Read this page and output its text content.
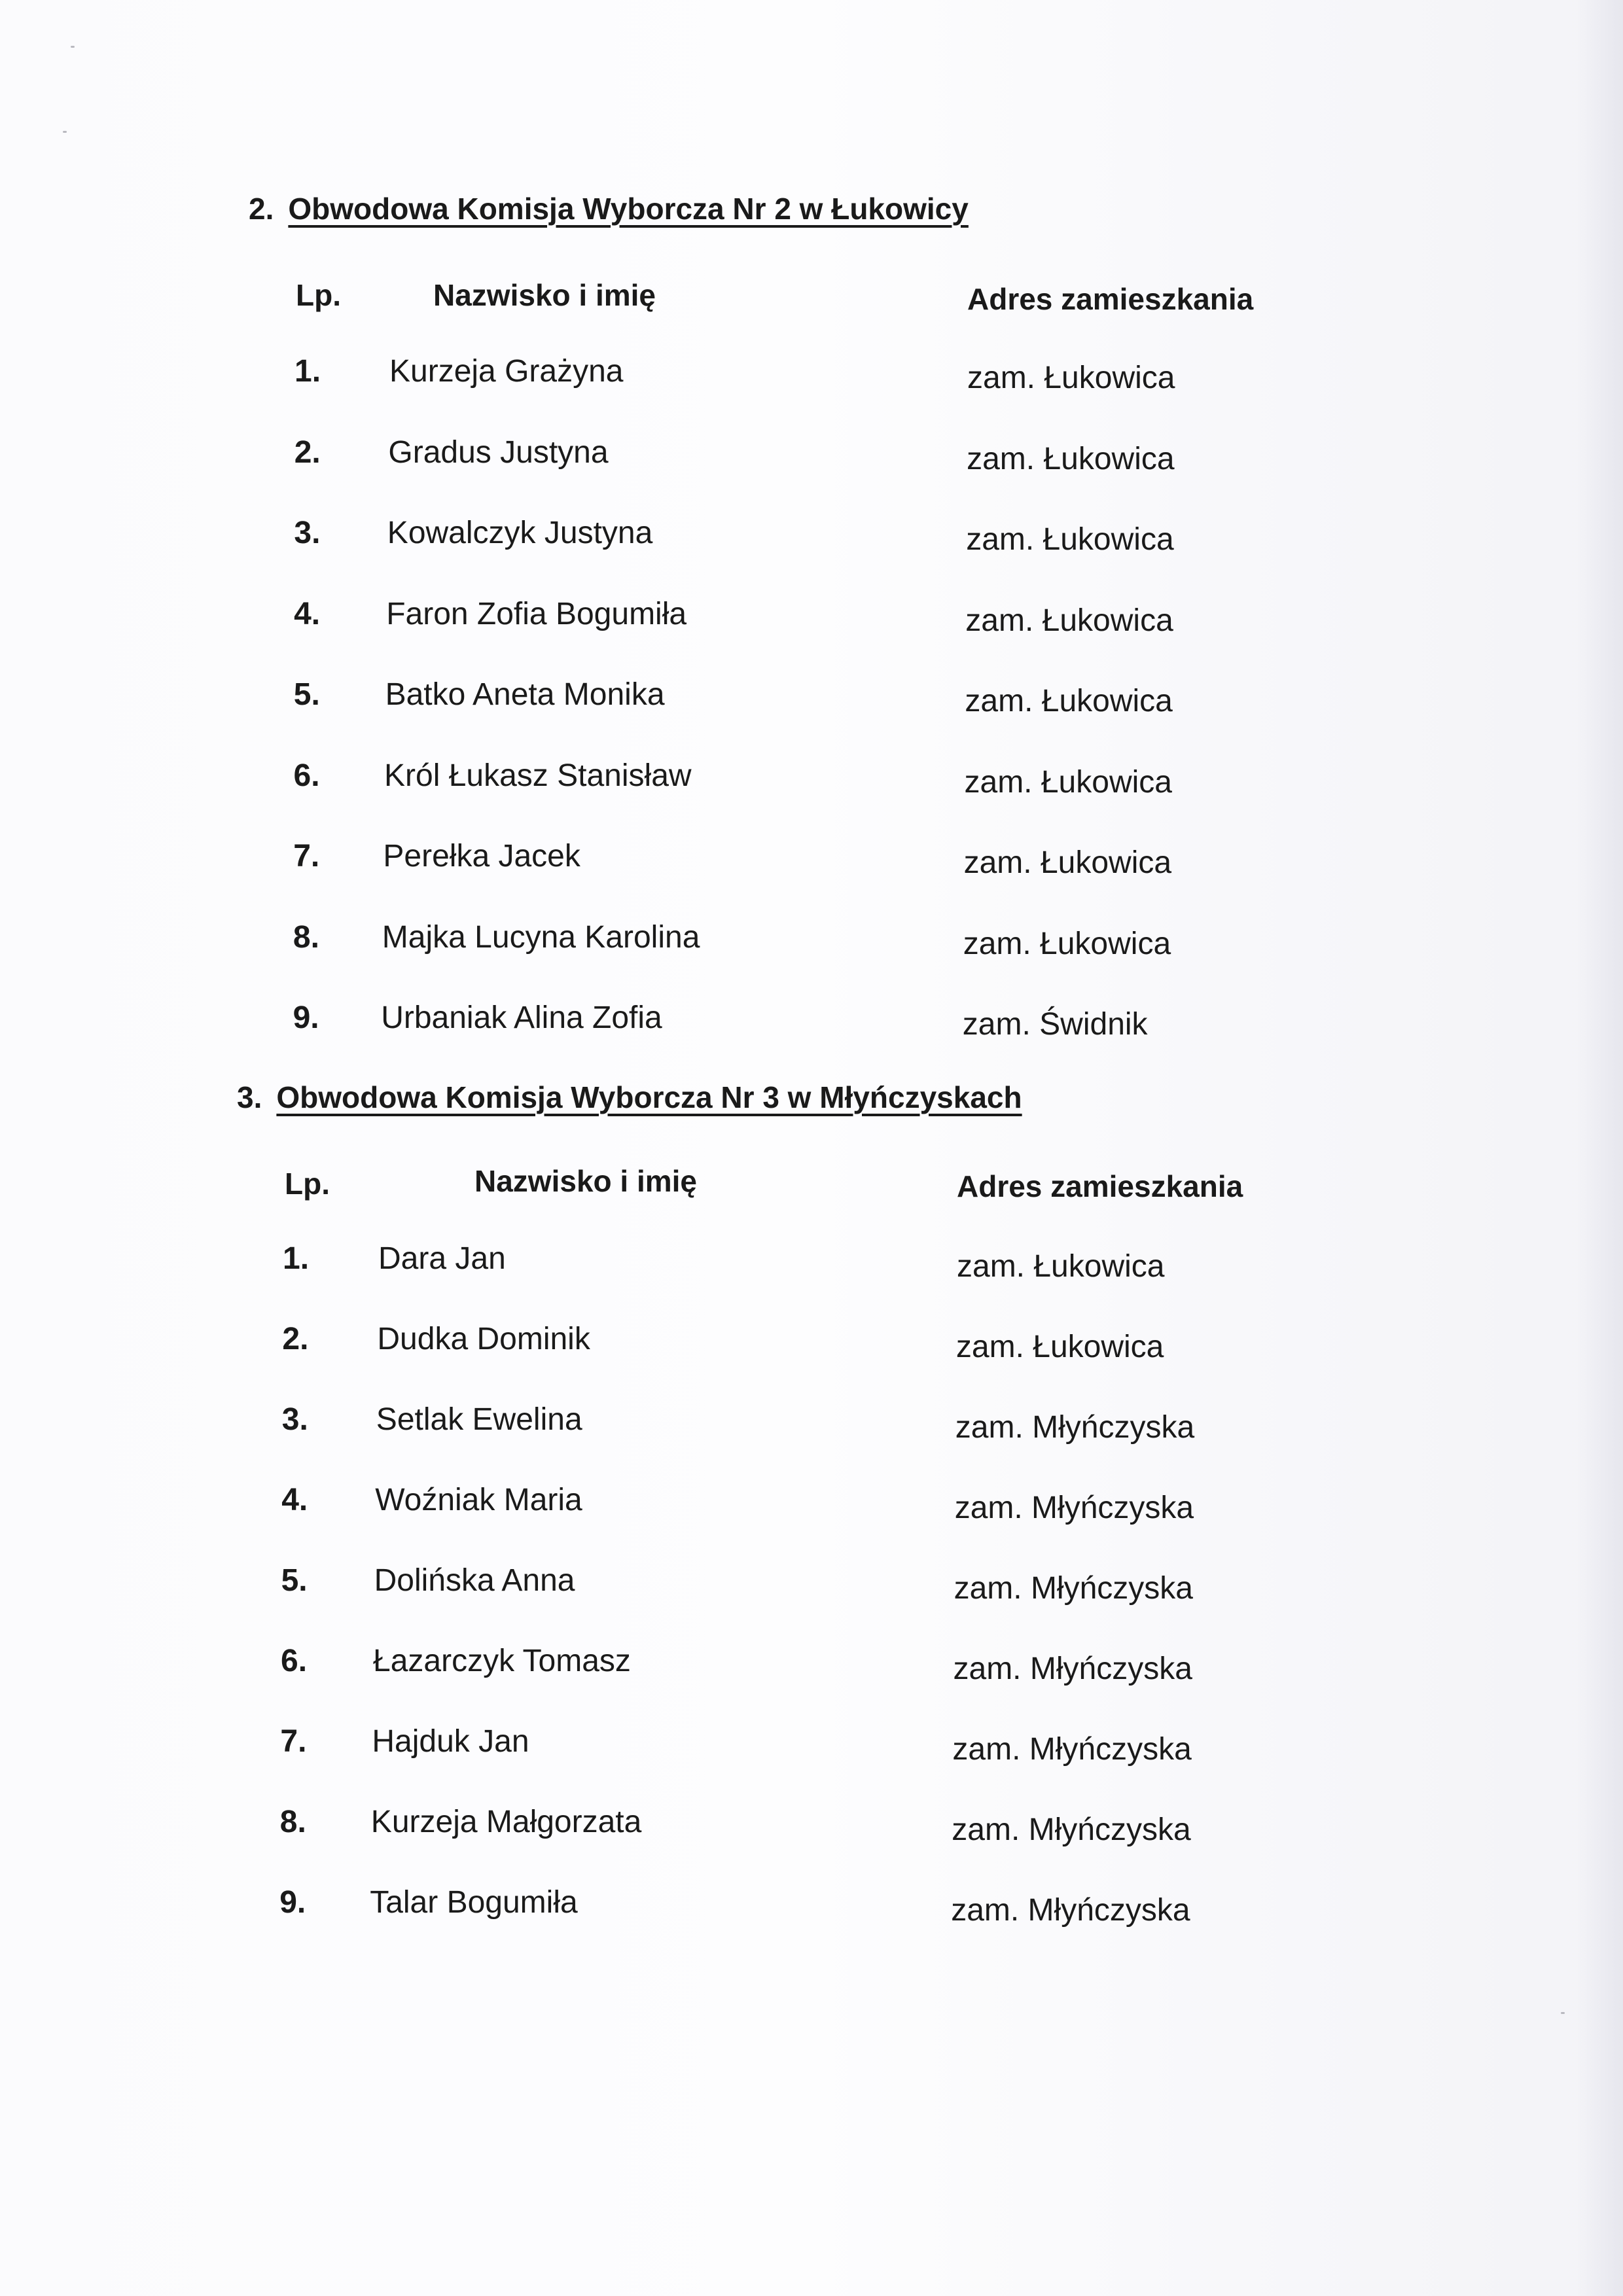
2. Obwodowa Komisja Wyborcza Nr 2 w Łukowicy
Lp.	Nazwisko i imię	Adres zamieszkania
1. Kurzeja Grażyna	zam. Łukowica
2. Gradus Justyna	zam. Łukowica
3. Kowalczyk Justyna	zam. Łukowica
4. Faron Zofia Bogumiła	zam. Łukowica
5. Batko Aneta Monika	zam. Łukowica
6. Król Łukasz Stanisław	zam. Łukowica
7. Perełka Jacek	zam. Łukowica
8. Majka Lucyna Karolina	zam. Łukowica
9. Urbaniak Alina Zofia	zam. Świdnik
3. Obwodowa Komisja Wyborcza Nr 3 w Młyńczyskach
Lp.	Nazwisko i imię	Adres zamieszkania
1. Dara Jan	zam. Łukowica
2. Dudka Dominik	zam. Łukowica
3. Setlak Ewelina	zam. Młyńczyska
4. Woźniak Maria	zam. Młyńczyska
5. Dolińska Anna	zam. Młyńczyska
6. Łazarczyk Tomasz	zam. Młyńczyska
7. Hajduk Jan	zam. Młyńczyska
8. Kurzeja Małgorzata	zam. Młyńczyska
9. Talar Bogumiła	zam. Młyńczyska
